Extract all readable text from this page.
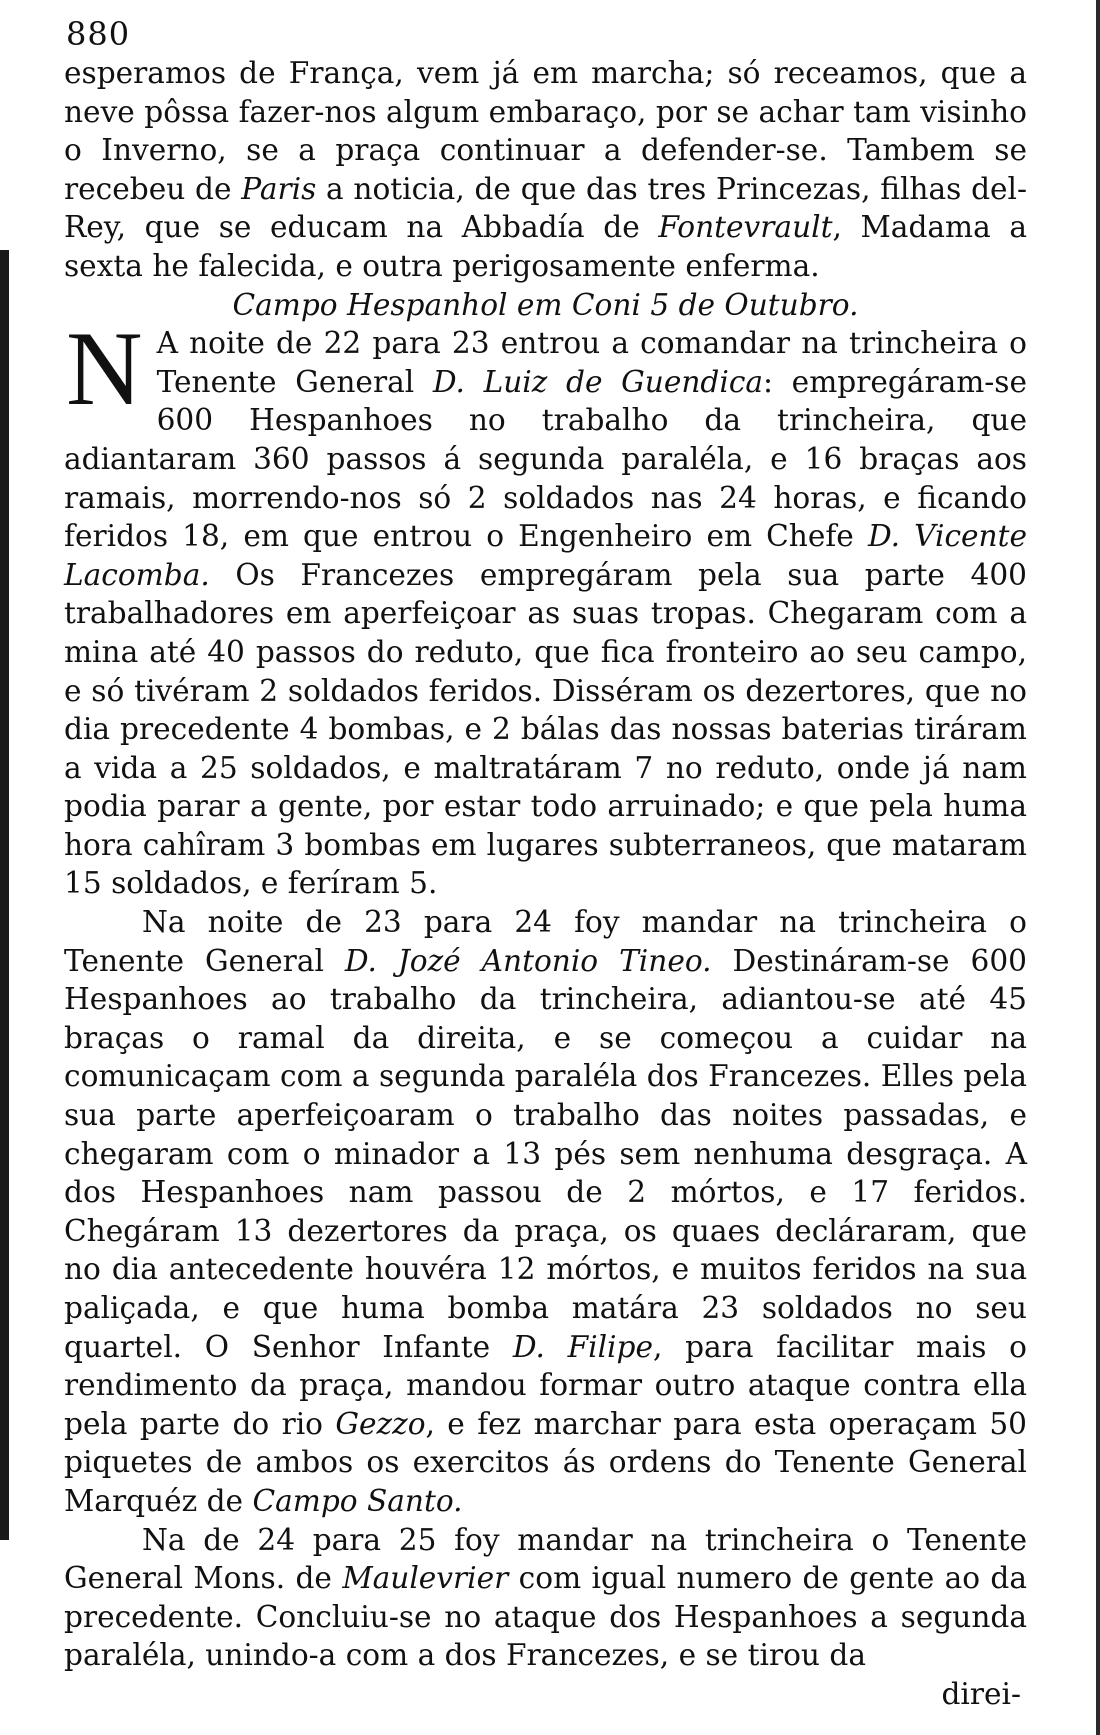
880

esperamos de França, vem já em marcha; só receamos, que a neve pôssa fazer-nos algum embaraço, por se achar tam visinho o Inverno, se a praça continuar a defender-se. Tambem se recebeu de Paris a noticia, de que das tres Princezas, filhas del-Rey, que se educam na Abbadía de Fontevrault, Madama a sexta he falecida, e outra perigosamente enferma.

Campo Hespanhol em Coni 5 de Outubro.

N A noite de 22 para 23 entrou a comandar na trincheira o Tenente General D. Luiz de Guendica: empregáram-se 600 Hespanhoes no trabalho da trincheira, que adiantaram 360 passos á segunda paraléla, e 16 braças aos ramais, morrendo-nos só 2 soldados nas 24 horas, e ficando feridos 18, em que entrou o Engenheiro em Chefe D. Vicente Lacomba. Os Francezes empregáram pela sua parte 400 trabalhadores em aperfeiçoar as suas tropas. Chegaram com a mina até 40 passos do reduto, que fica fronteiro ao seu campo, e só tivéram 2 soldados feridos. Disséram os dezertores, que no dia precedente 4 bombas, e 2 bálas das nossas baterias tiráram a vida a 25 soldados, e maltratáram 7 no reduto, onde já nam podia parar a gente, por estar todo arruinado; e que pela huma hora cahîram 3 bombas em lugares subterraneos, que mataram 15 soldados, e feríram 5.

Na noite de 23 para 24 foy mandar na trincheira o Tenente General D. Jozé Antonio Tineo. Destináram-se 600 Hespanhoes ao trabalho da trincheira, adiantou-se até 45 braças o ramal da direita, e se começou a cuidar na comunicaçam com a segunda paraléla dos Francezes. Elles pela sua parte aperfeiçoaram o trabalho das noites passadas, e chegaram com o minador a 13 pés sem nenhuma desgraça. A dos Hespanhoes nam passou de 2 mórtos, e 17 feridos. Chegáram 13 dezertores da praça, os quaes decláraram, que no dia antecedente houvéra 12 mórtos, e muitos feridos na sua paliçada, e que huma bomba matára 23 soldados no seu quartel. O Senhor Infante D. Filipe, para facilitar mais o rendimento da praça, mandou formar outro ataque contra ella pela parte do rio Gezzo, e fez marchar para esta operaçam 50 piquetes de ambos os exercitos ás ordens do Tenente General Marquéz de Campo Santo.

Na de 24 para 25 foy mandar na trincheira o Tenente General Mons. de Maulevrier com igual numero de gente ao da precedente. Concluiu-se no ataque dos Hespanhoes a segunda paraléla, unindo-a com a dos Francezes, e se tirou da

direi-
